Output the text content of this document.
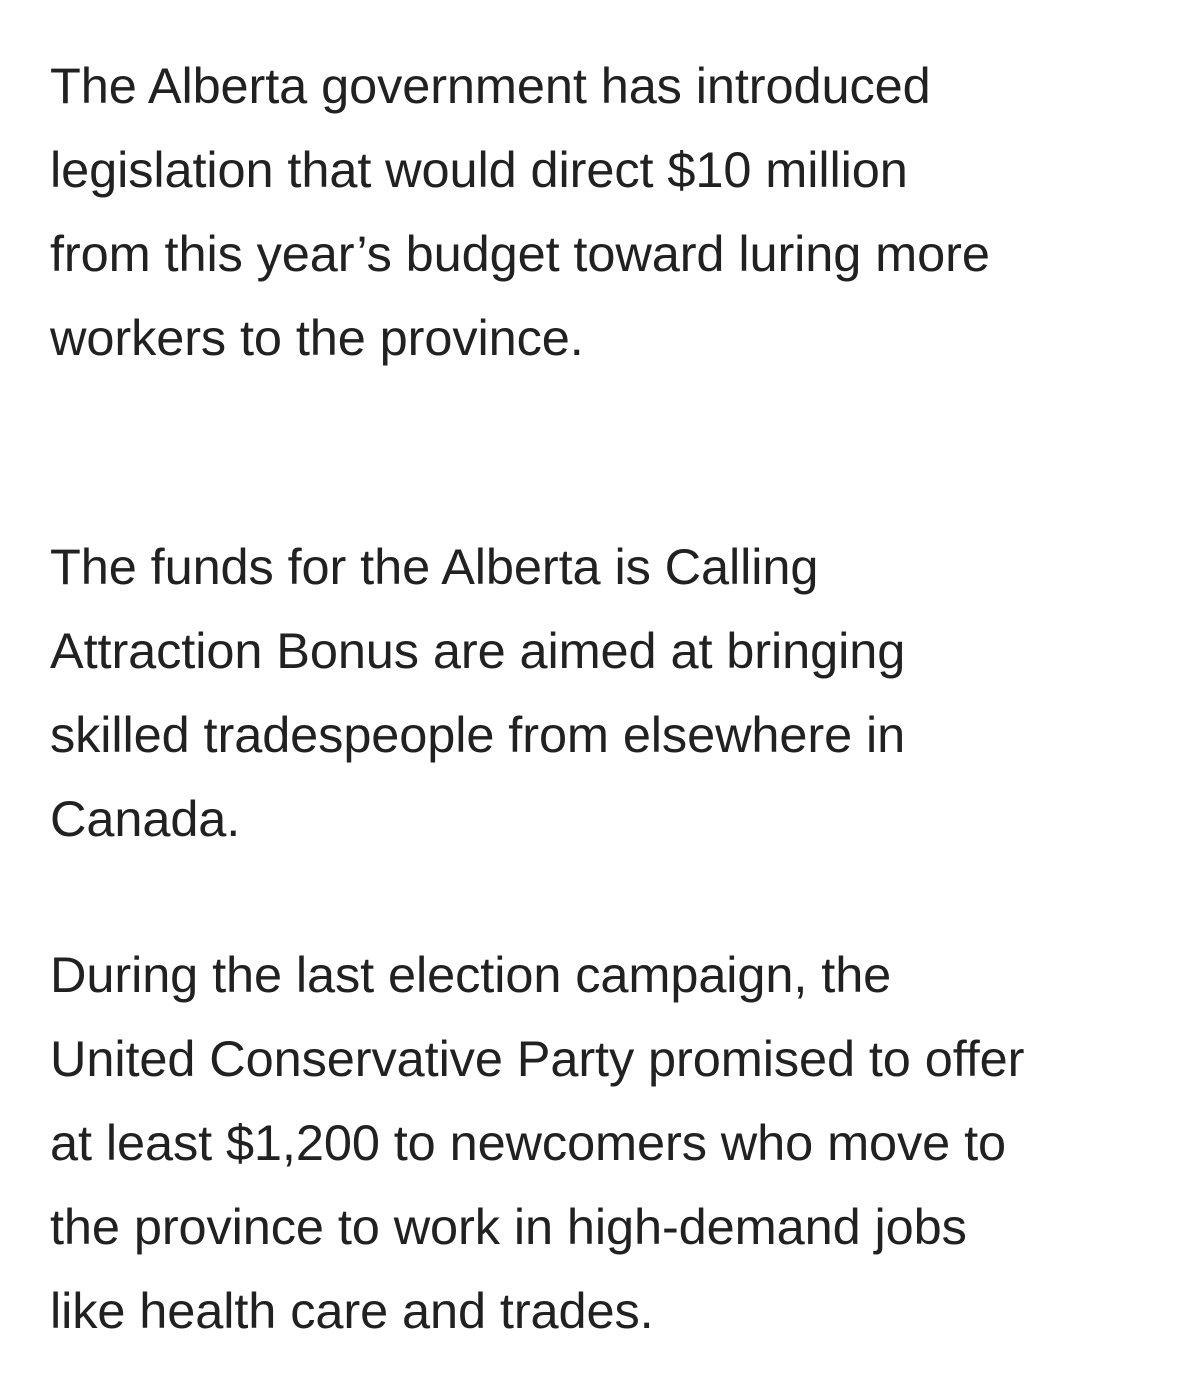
The Alberta government has introduced
legislation that would direct $10 million
from this year’s budget toward luring more
workers to the province.

The funds for the Alberta is Calling
Attraction Bonus are aimed at bringing
skilled tradespeople from elsewhere in
Canada.

During the last election campaign, the
United Conservative Party promised to offer
at least $1,200 to newcomers who move to
the province to work in high-demand jobs
like health care and trades.
